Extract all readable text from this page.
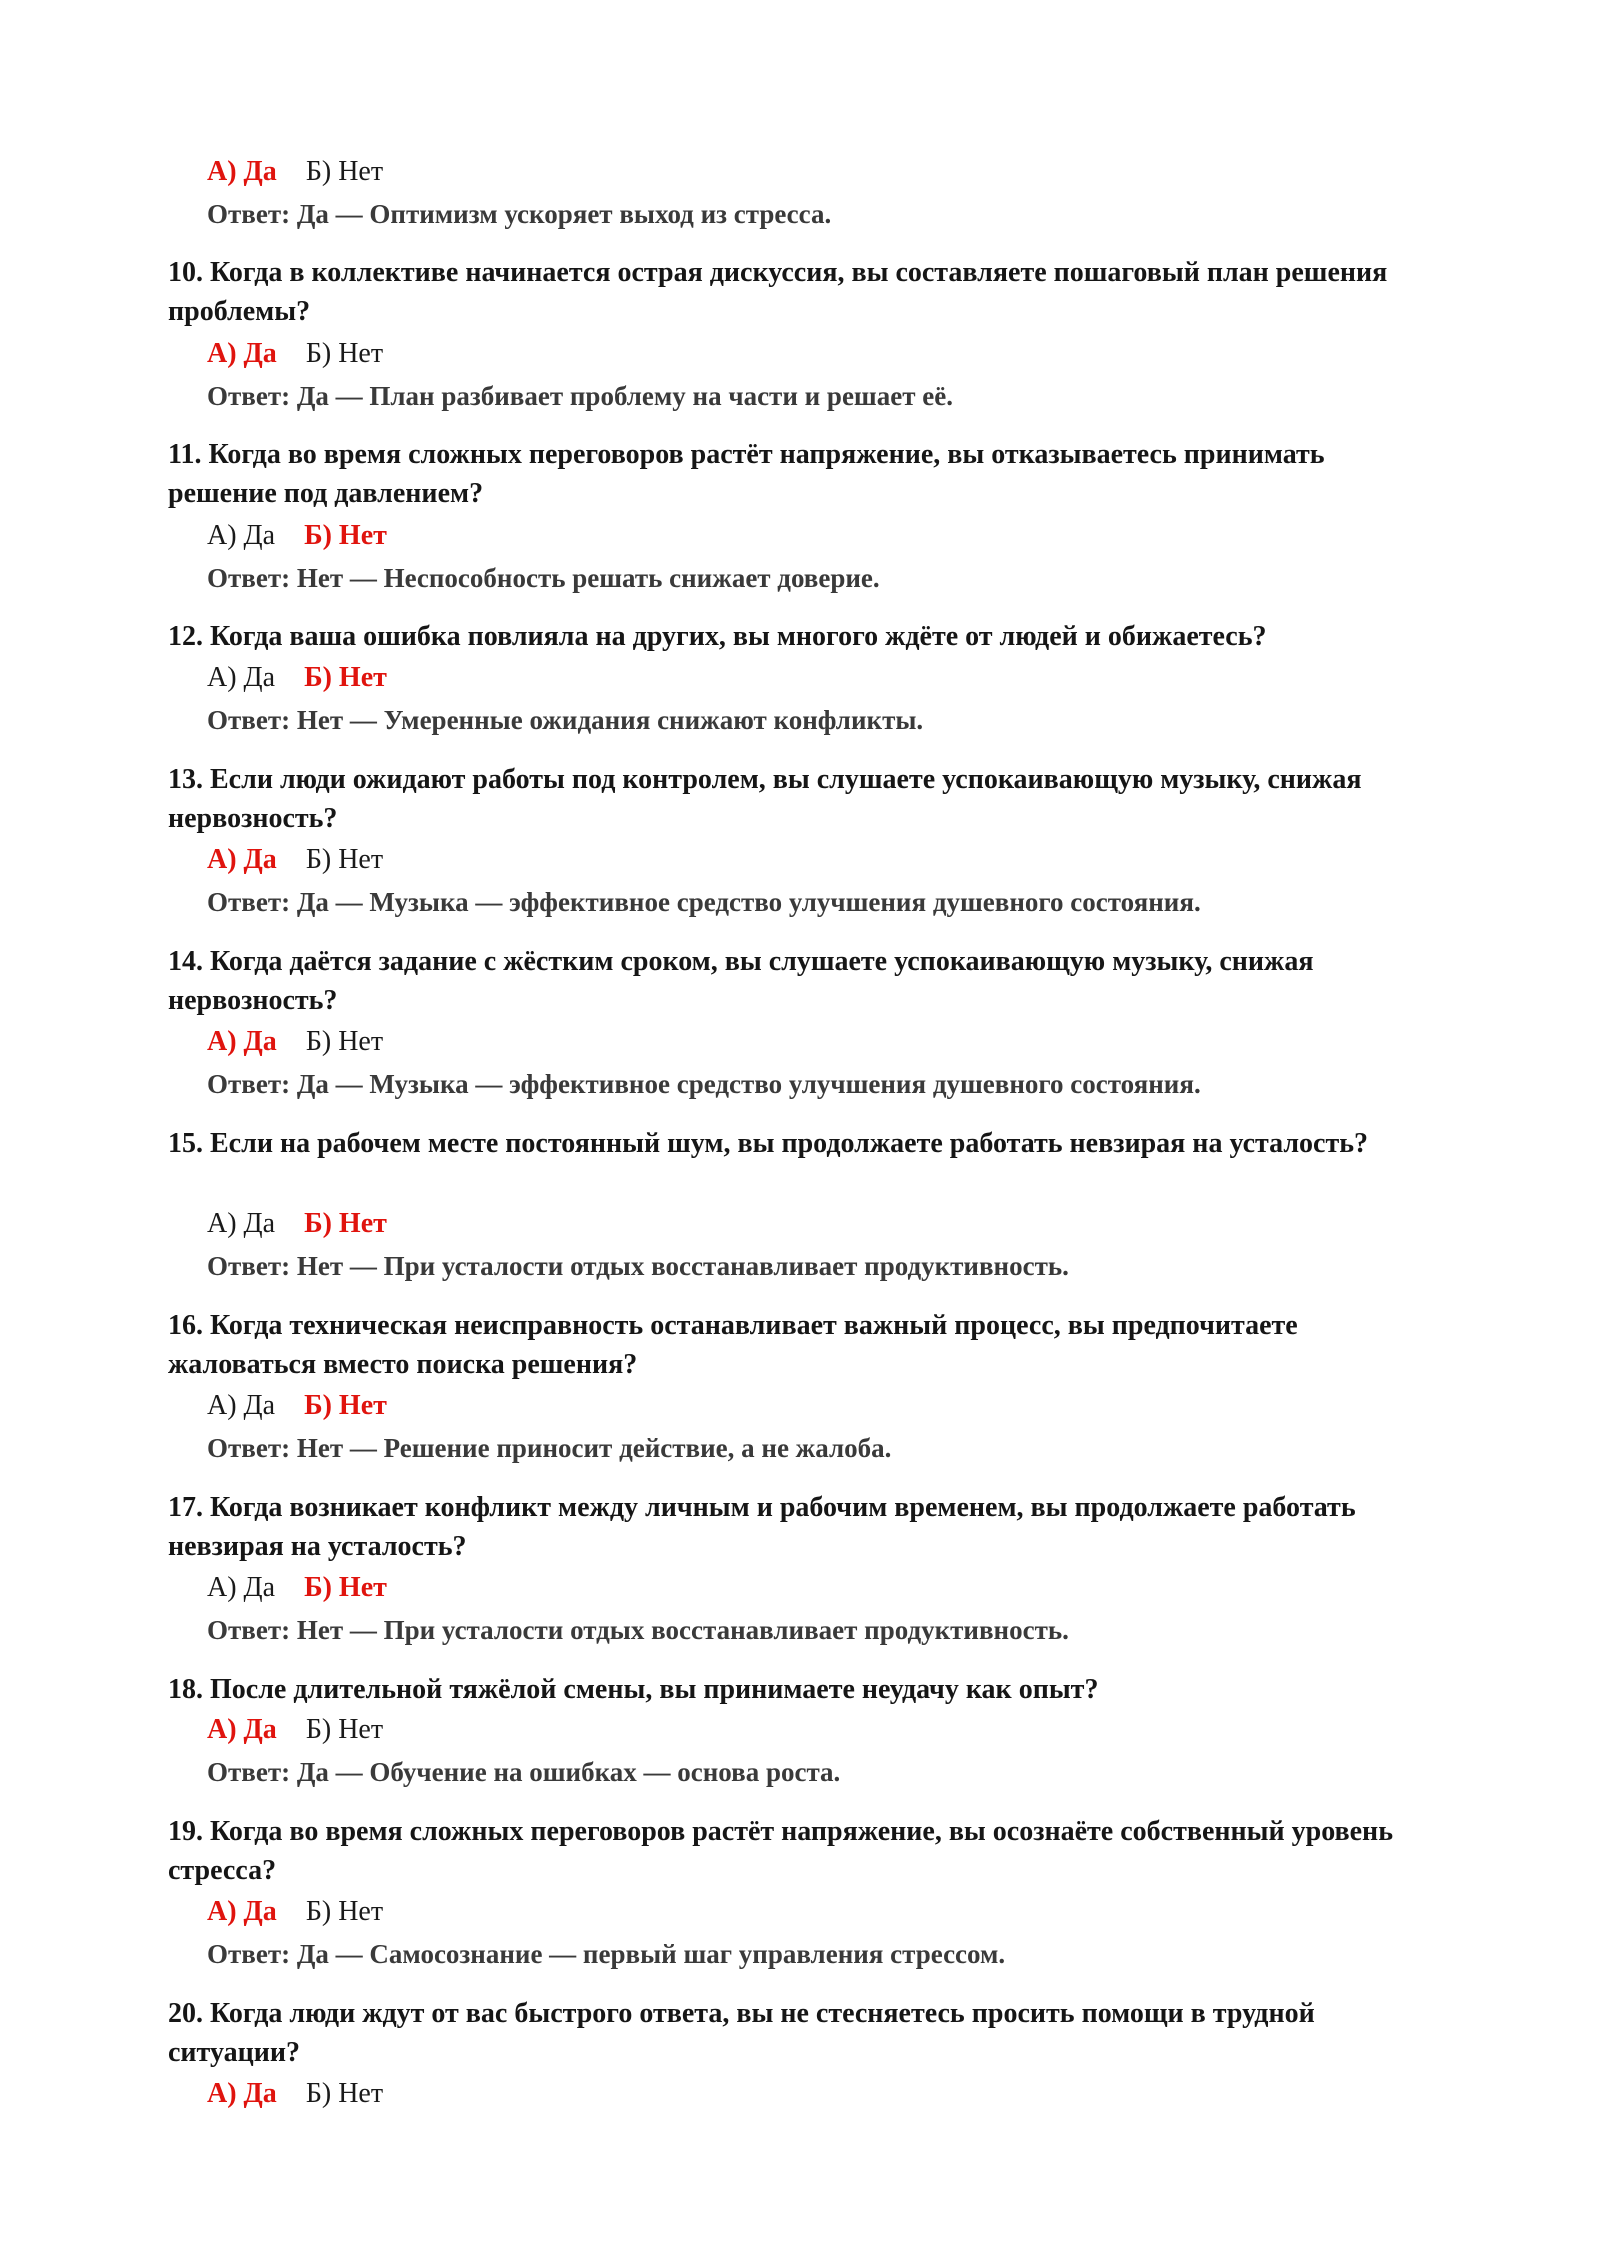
А) Да Б) Нет
Ответ: Да — Оптимизм ускоряет выход из стресса.
10. Когда в коллективе начинается острая дискуссия, вы составляете пошаговый план решения проблемы?
А) Да Б) Нет
Ответ: Да — План разбивает проблему на части и решает её.
11. Когда во время сложных переговоров растёт напряжение, вы отказываетесь принимать решение под давлением?
А) Да Б) Нет
Ответ: Нет — Неспособность решать снижает доверие.
12. Когда ваша ошибка повлияла на других, вы многого ждёте от людей и обижаетесь?
А) Да Б) Нет
Ответ: Нет — Умеренные ожидания снижают конфликты.
13. Если люди ожидают работы под контролем, вы слушаете успокаивающую музыку, снижая нервозность?
А) Да Б) Нет
Ответ: Да — Музыка — эффективное средство улучшения душевного состояния.
14. Когда даётся задание с жёстким сроком, вы слушаете успокаивающую музыку, снижая нервозность?
А) Да Б) Нет
Ответ: Да — Музыка — эффективное средство улучшения душевного состояния.
15. Если на рабочем месте постоянный шум, вы продолжаете работать невзирая на усталость?
А) Да Б) Нет
Ответ: Нет — При усталости отдых восстанавливает продуктивность.
16. Когда техническая неисправность останавливает важный процесс, вы предпочитаете жаловаться вместо поиска решения?
А) Да Б) Нет
Ответ: Нет — Решение приносит действие, а не жалоба.
17. Когда возникает конфликт между личным и рабочим временем, вы продолжаете работать невзирая на усталость?
А) Да Б) Нет
Ответ: Нет — При усталости отдых восстанавливает продуктивность.
18. После длительной тяжёлой смены, вы принимаете неудачу как опыт?
А) Да Б) Нет
Ответ: Да — Обучение на ошибках — основа роста.
19. Когда во время сложных переговоров растёт напряжение, вы осознаёте собственный уровень стресса?
А) Да Б) Нет
Ответ: Да — Самосознание — первый шаг управления стрессом.
20. Когда люди ждут от вас быстрого ответа, вы не стесняетесь просить помощи в трудной ситуации?
А) Да Б) Нет
